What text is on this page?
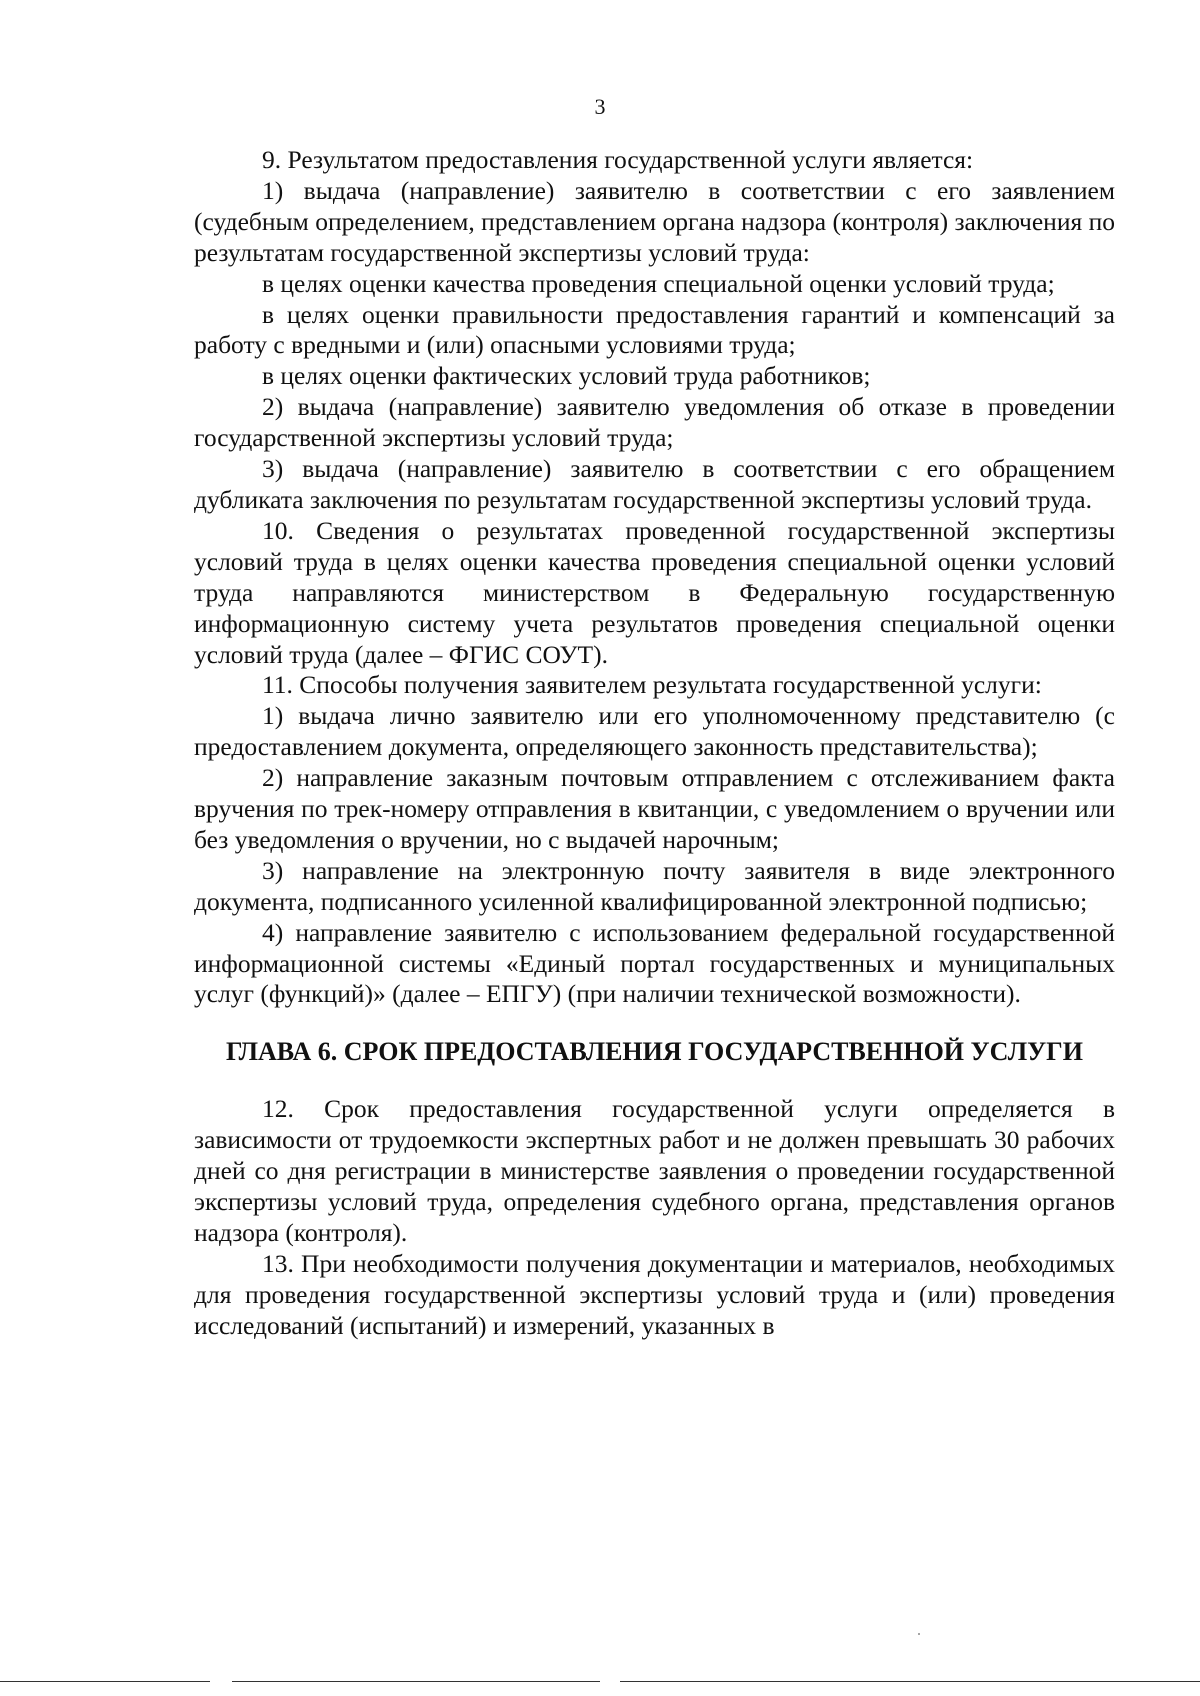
3

9. Результатом предоставления государственной услуги является:

1) выдача (направление) заявителю в соответствии с его заявлением (судебным определением, представлением органа надзора (контроля) заключения по результатам государственной экспертизы условий труда:

в целях оценки качества проведения специальной оценки условий труда;

в целях оценки правильности предоставления гарантий и компенсаций за работу с вредными и (или) опасными условиями труда;

в целях оценки фактических условий труда работников;

2) выдача (направление) заявителю уведомления об отказе в проведении государственной экспертизы условий труда;

3) выдача (направление) заявителю в соответствии с его обращением дубликата заключения по результатам государственной экспертизы условий труда.

10. Сведения о результатах проведенной государственной экспертизы условий труда в целях оценки качества проведения специальной оценки условий труда направляются министерством в Федеральную государственную информационную систему учета результатов проведения специальной оценки условий труда (далее – ФГИС СОУТ).

11. Способы получения заявителем результата государственной услуги:

1) выдача лично заявителю или его уполномоченному представителю (с предоставлением документа, определяющего законность представительства);

2) направление заказным почтовым отправлением с отслеживанием факта вручения по трек-номеру отправления в квитанции, с уведомлением о вручении или без уведомления о вручении, но с выдачей нарочным;

3) направление на электронную почту заявителя в виде электронного документа, подписанного усиленной квалифицированной электронной подписью;

4) направление заявителю с использованием федеральной государственной информационной системы «Единый портал государственных и муниципальных услуг (функций)» (далее – ЕПГУ) (при наличии технической возможности).

ГЛАВА 6. СРОК ПРЕДОСТАВЛЕНИЯ ГОСУДАРСТВЕННОЙ УСЛУГИ

12. Срок предоставления государственной услуги определяется в зависимости от трудоемкости экспертных работ и не должен превышать 30 рабочих дней со дня регистрации в министерстве заявления о проведении государственной экспертизы условий труда, определения судебного органа, представления органов надзора (контроля).

13. При необходимости получения документации и материалов, необходимых для проведения государственной экспертизы условий труда и (или) проведения исследований (испытаний) и измерений, указанных в
